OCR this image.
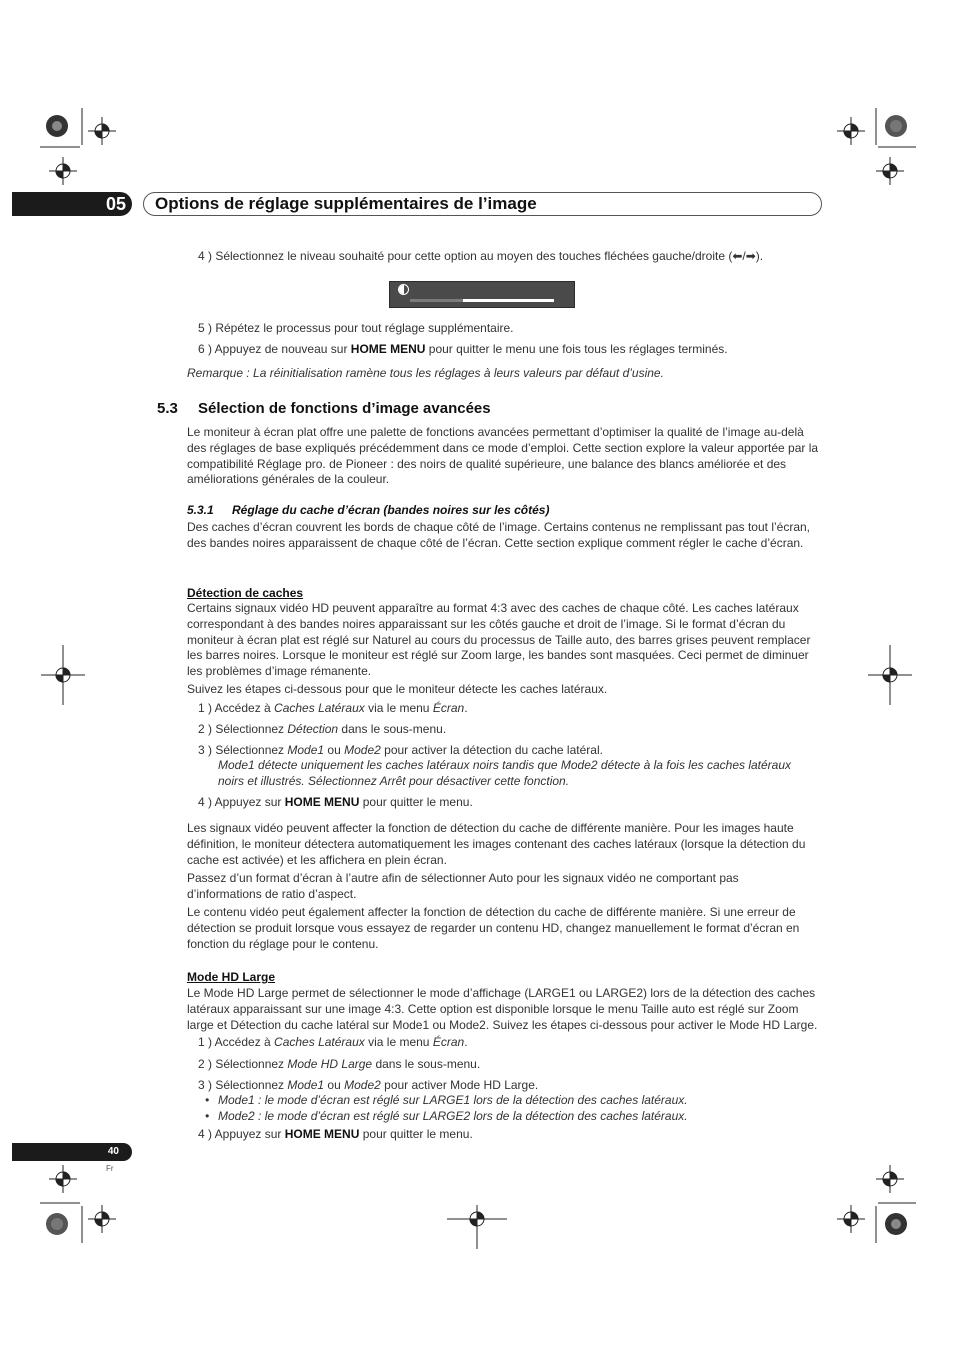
05	Options de réglage supplémentaires de l’image
4 ) Sélectionnez le niveau souhaité pour cette option au moyen des touches fléchées gauche/droite (⬅/➡).
5 ) Répétez le processus pour tout réglage supplémentaire.
6 ) Appuyez de nouveau sur HOME MENU pour quitter le menu une fois tous les réglages terminés.
Remarque : La réinitialisation ramène tous les réglages à leurs valeurs par défaut d’usine.
5.3 Sélection de fonctions d’image avancées
Le moniteur à écran plat offre une palette de fonctions avancées permettant d’optimiser la qualité de l’image au-delà des réglages de base expliqués précédemment dans ce mode d’emploi. Cette section explore la valeur apportée par la compatibilité Réglage pro. de Pioneer : des noirs de qualité supérieure, une balance des blancs améliorée et des améliorations générales de la couleur.
5.3.1 Réglage du cache d’écran (bandes noires sur les côtés)
Des caches d’écran couvrent les bords de chaque côté de l’image. Certains contenus ne remplissant pas tout l’écran, des bandes noires apparaissent de chaque côté de l’écran. Cette section explique comment régler le cache d’écran.
Détection de caches
Certains signaux vidéo HD peuvent apparaître au format 4:3 avec des caches de chaque côté. Les caches latéraux correspondant à des bandes noires apparaissant sur les côtés gauche et droit de l’image. Si le format d’écran du moniteur à écran plat est réglé sur Naturel au cours du processus de Taille auto, des barres grises peuvent remplacer les barres noires. Lorsque le moniteur est réglé sur Zoom large, les bandes sont masquées. Ceci permet de diminuer les problèmes d’image rémanente.
Suivez les étapes ci-dessous pour que le moniteur détecte les caches latéraux.
1 ) Accédez à Caches Latéraux via le menu Écran.
2 ) Sélectionnez Détection dans le sous-menu.
3 ) Sélectionnez Mode1 ou Mode2 pour activer la détection du cache latéral.
Mode1 détecte uniquement les caches latéraux noirs tandis que Mode2 détecte à la fois les caches latéraux noirs et illustrés. Sélectionnez Arrêt pour désactiver cette fonction.
4 ) Appuyez sur HOME MENU pour quitter le menu.
Les signaux vidéo peuvent affecter la fonction de détection du cache de différente manière. Pour les images haute définition, le moniteur détectera automatiquement les images contenant des caches latéraux (lorsque la détection du cache est activée) et les affichera en plein écran.
Passez d’un format d’écran à l’autre afin de sélectionner Auto pour les signaux vidéo ne comportant pas d’informations de ratio d’aspect.
Le contenu vidéo peut également affecter la fonction de détection du cache de différente manière. Si une erreur de détection se produit lorsque vous essayez de regarder un contenu HD, changez manuellement le format d’écran en fonction du réglage pour le contenu.
Mode HD Large
Le Mode HD Large permet de sélectionner le mode d’affichage (LARGE1 ou LARGE2) lors de la détection des caches latéraux apparaissant sur une image 4:3. Cette option est disponible lorsque le menu Taille auto est réglé sur Zoom large et Détection du cache latéral sur Mode1 ou Mode2. Suivez les étapes ci-dessous pour activer le Mode HD Large.
1 ) Accédez à Caches Latéraux via le menu Écran.
2 ) Sélectionnez Mode HD Large dans le sous-menu.
3 ) Sélectionnez Mode1 ou Mode2 pour activer Mode HD Large.
• Mode1 : le mode d’écran est réglé sur LARGE1 lors de la détection des caches latéraux.
• Mode2 : le mode d’écran est réglé sur LARGE2 lors de la détection des caches latéraux.
4 ) Appuyez sur HOME MENU pour quitter le menu.
40
Fr
